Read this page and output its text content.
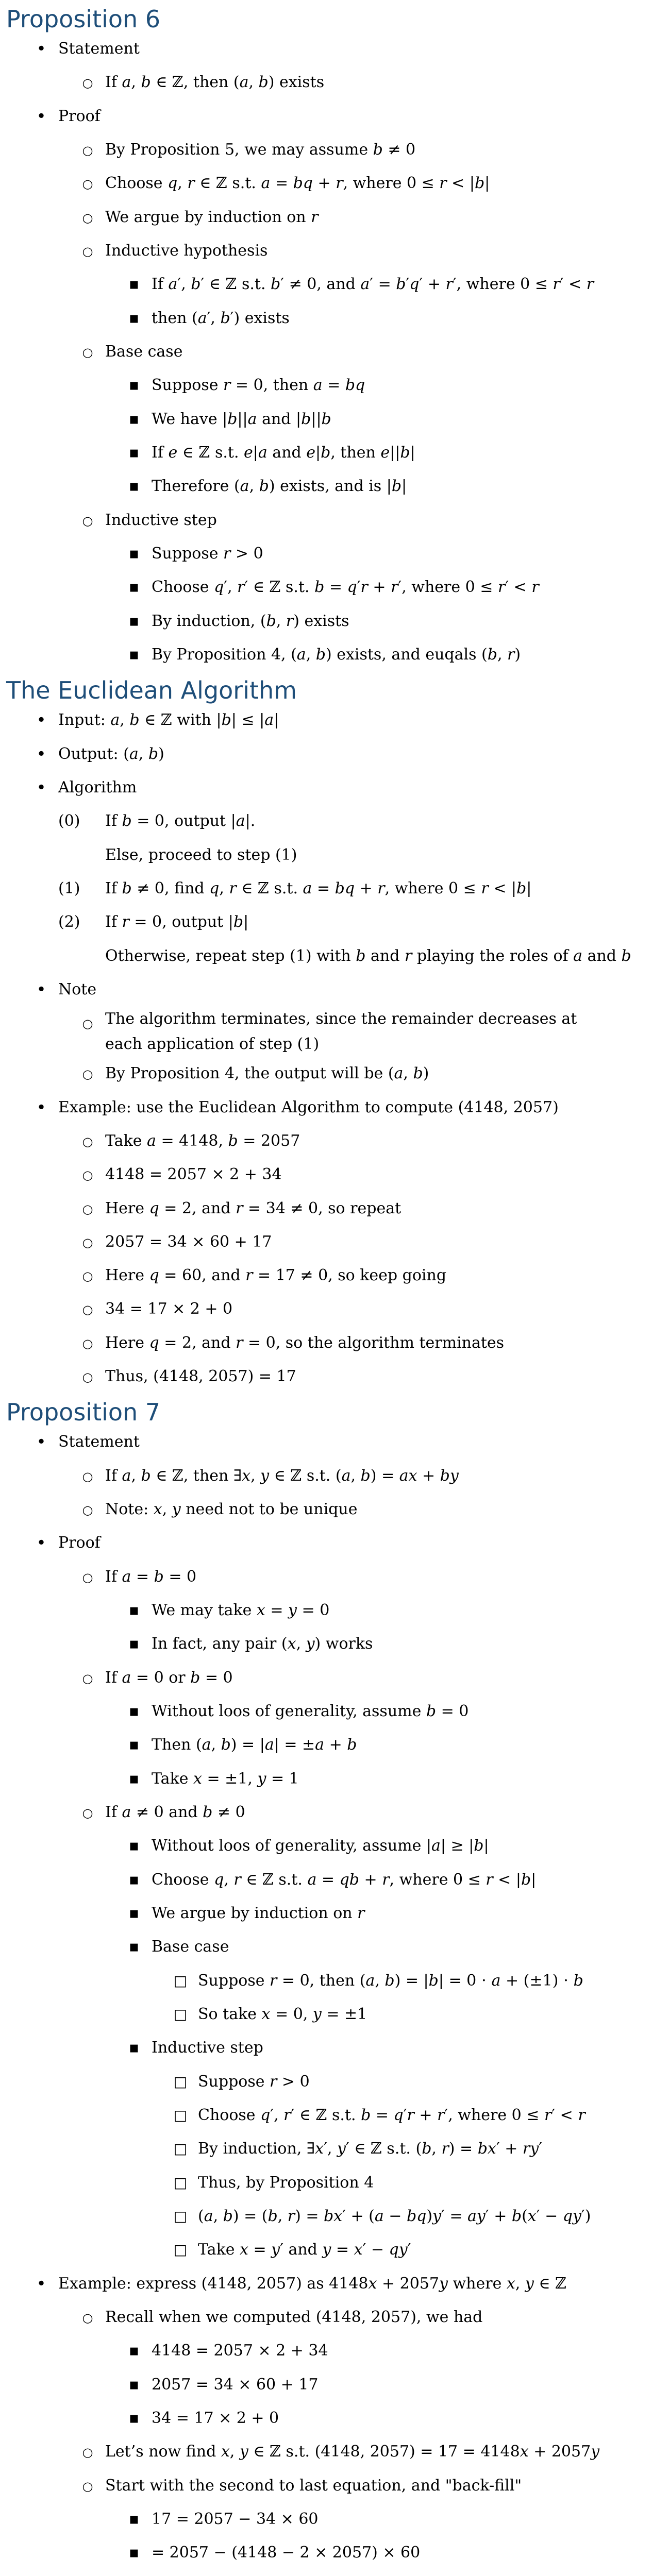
Proposition 6
•
Statement
○
If 𝑎, 𝑏 ∈ ℤ, then (𝑎, 𝑏) exists
•
Proof
○
By Proposition 5, we may assume 𝑏 ≠ 0
○
Choose 𝑞, 𝑟 ∈ ℤ s.t. 𝑎 = 𝑏𝑞 + 𝑟, where 0 ≤ 𝑟 < |𝑏|
○
We argue by induction on 𝑟
○
Inductive hypothesis
▪
If 𝑎′, 𝑏′ ∈ ℤ s.t. 𝑏′ ≠ 0, and 𝑎′ = 𝑏′𝑞′ + 𝑟′, where 0 ≤ 𝑟′ < 𝑟
▪
then (𝑎′, 𝑏′) exists
○
Base case
▪
Suppose 𝑟 = 0, then 𝑎 = 𝑏𝑞
▪
We have |𝑏||𝑎 and |𝑏||𝑏
▪
If 𝑒 ∈ ℤ s.t. 𝑒|𝑎 and 𝑒|𝑏, then 𝑒||𝑏|
▪
Therefore (𝑎, 𝑏) exists, and is |𝑏|
○
Inductive step
▪
Suppose 𝑟 > 0
▪
Choose 𝑞′, 𝑟′ ∈ ℤ s.t. 𝑏 = 𝑞′𝑟 + 𝑟′, where 0 ≤ 𝑟′ < 𝑟
▪
By induction, (𝑏, 𝑟) exists
▪
By Proposition 4, (𝑎, 𝑏) exists, and euqals (𝑏, 𝑟)
The Euclidean Algorithm
•
Input: 𝑎, 𝑏 ∈ ℤ with |𝑏| ≤ |𝑎|
•
Output: (𝑎, 𝑏)
•
Algorithm
(0)	If 𝑏 = 0, output |𝑎|.
Else, proceed to step (1)
(1)	If 𝑏 ≠ 0, find 𝑞, 𝑟 ∈ ℤ s.t. 𝑎 = 𝑏𝑞 + 𝑟, where 0 ≤ 𝑟 < |𝑏|
(2)	If 𝑟 = 0, output |𝑏|
Otherwise, repeat step (1) with 𝑏 and 𝑟 playing the roles of 𝑎 and 𝑏
•
Note
○
The algorithm terminates, since the remainder decreases at each application of step (1)
○
By Proposition 4, the output will be (𝑎, 𝑏)
•
Example: use the Euclidean Algorithm to compute (4148, 2057)
○
Take 𝑎 = 4148, 𝑏 = 2057
○
4148 = 2057 × 2 + 34
○
Here 𝑞 = 2, and 𝑟 = 34 ≠ 0, so repeat
○
2057 = 34 × 60 + 17
○
Here 𝑞 = 60, and 𝑟 = 17 ≠ 0, so keep going
○
34 = 17 × 2 + 0
○
Here 𝑞 = 2, and 𝑟 = 0, so the algorithm terminates
○
Thus, (4148, 2057) = 17
Proposition 7
•
Statement
○
If 𝑎, 𝑏 ∈ ℤ, then ∃𝑥, 𝑦 ∈ ℤ s.t. (𝑎, 𝑏) = 𝑎𝑥 + 𝑏𝑦
○
Note: 𝑥, 𝑦 need not to be unique
•
Proof
○
If 𝑎 = 𝑏 = 0
▪
We may take 𝑥 = 𝑦 = 0
▪
In fact, any pair (𝑥, 𝑦) works
○
If 𝑎 = 0 or 𝑏 = 0
▪
Without loos of generality, assume 𝑏 = 0
▪
Then (𝑎, 𝑏) = |𝑎| = ±𝑎 + 𝑏
▪
Take 𝑥 = ±1, 𝑦 = 1
○
If 𝑎 ≠ 0 and 𝑏 ≠ 0
▪
Without loos of generality, assume |𝑎| ≥ |𝑏|
▪
Choose 𝑞, 𝑟 ∈ ℤ s.t. 𝑎 = 𝑞𝑏 + 𝑟, where 0 ≤ 𝑟 < |𝑏|
▪
We argue by induction on 𝑟
▪
Base case
□
Suppose 𝑟 = 0, then (𝑎, 𝑏) = |𝑏| = 0 ⋅ 𝑎 + (±1) ⋅ 𝑏
□
So take 𝑥 = 0, 𝑦 = ±1
▪
Inductive step
□
Suppose 𝑟 > 0
□
Choose 𝑞′, 𝑟′ ∈ ℤ s.t. 𝑏 = 𝑞′𝑟 + 𝑟′, where 0 ≤ 𝑟′ < 𝑟
□
By induction, ∃𝑥′, 𝑦′ ∈ ℤ s.t. (𝑏, 𝑟) = 𝑏𝑥′ + 𝑟𝑦′
□
Thus, by Proposition 4
□
(𝑎, 𝑏) = (𝑏, 𝑟) = 𝑏𝑥′ + (𝑎 − 𝑏𝑞)𝑦′ = 𝑎𝑦′ + 𝑏(𝑥′ − 𝑞𝑦′)
□
Take 𝑥 = 𝑦′ and 𝑦 = 𝑥′ − 𝑞𝑦′
•
Example: express (4148, 2057) as 4148𝑥 + 2057𝑦 where 𝑥, 𝑦 ∈ ℤ
○
Recall when we computed (4148, 2057), we had
▪
4148 = 2057 × 2 + 34
▪
2057 = 34 × 60 + 17
▪
34 = 17 × 2 + 0
○
Let’s now find 𝑥, 𝑦 ∈ ℤ s.t. (4148, 2057) = 17 = 4148𝑥 + 2057𝑦
○
Start with the second to last equation, and "back-fill"
▪
17 = 2057 − 34 × 60
▪
= 2057 − (4148 − 2 × 2057) × 60
▪
